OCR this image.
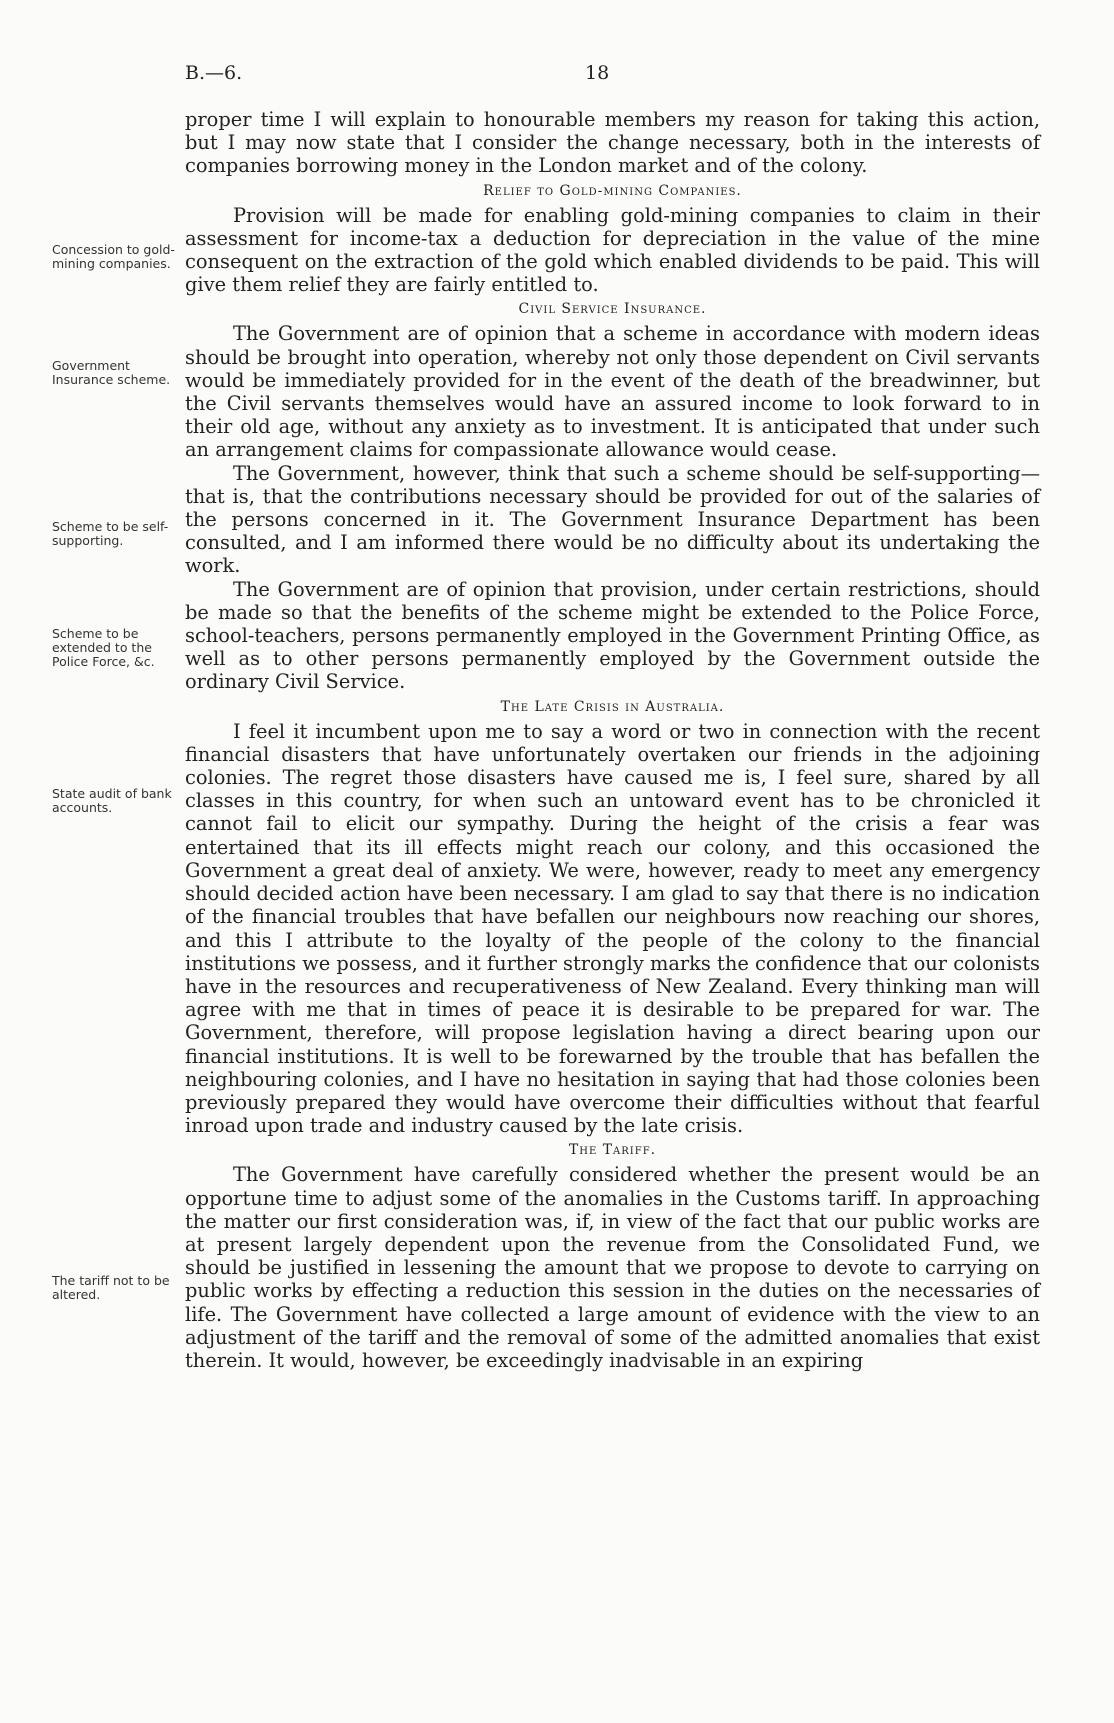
B.—6.	18
Concession to gold-mining companies.
Government Insurance scheme.
Scheme to be self-supporting.
Scheme to be extended to the Police Force, &c.
State audit of bank accounts.
The tariff not to be altered.

proper time I will explain to honourable members my reason for taking this action, but I may now state that I consider the change necessary, both in the interests of companies borrowing money in the London market and of the colony.

Relief to Gold-mining Companies.

Provision will be made for enabling gold-mining companies to claim in their assessment for income-tax a deduction for depreciation in the value of the mine consequent on the extraction of the gold which enabled dividends to be paid. This will give them relief they are fairly entitled to.

Civil Service Insurance.

The Government are of opinion that a scheme in accordance with modern ideas should be brought into operation, whereby not only those dependent on Civil servants would be immediately provided for in the event of the death of the breadwinner, but the Civil servants themselves would have an assured income to look forward to in their old age, without any anxiety as to investment. It is anticipated that under such an arrangement claims for compassionate allowance would cease.

The Government, however, think that such a scheme should be self-supporting—that is, that the contributions necessary should be provided for out of the salaries of the persons concerned in it. The Government Insurance Department has been consulted, and I am informed there would be no difficulty about its undertaking the work.

The Government are of opinion that provision, under certain restrictions, should be made so that the benefits of the scheme might be extended to the Police Force, school-teachers, persons permanently employed in the Government Printing Office, as well as to other persons permanently employed by the Government outside the ordinary Civil Service.

The Late Crisis in Australia.

I feel it incumbent upon me to say a word or two in connection with the recent financial disasters that have unfortunately overtaken our friends in the adjoining colonies. The regret those disasters have caused me is, I feel sure, shared by all classes in this country, for when such an untoward event has to be chronicled it cannot fail to elicit our sympathy. During the height of the crisis a fear was entertained that its ill effects might reach our colony, and this occasioned the Government a great deal of anxiety. We were, however, ready to meet any emergency should decided action have been necessary. I am glad to say that there is no indication of the financial troubles that have befallen our neighbours now reaching our shores, and this I attribute to the loyalty of the people of the colony to the financial institutions we possess, and it further strongly marks the confidence that our colonists have in the resources and recuperativeness of New Zealand. Every thinking man will agree with me that in times of peace it is desirable to be prepared for war. The Government, therefore, will propose legislation having a direct bearing upon our financial institutions. It is well to be forewarned by the trouble that has befallen the neighbouring colonies, and I have no hesitation in saying that had those colonies been previously prepared they would have overcome their difficulties without that fearful inroad upon trade and industry caused by the late crisis.

The Tariff.

The Government have carefully considered whether the present would be an opportune time to adjust some of the anomalies in the Customs tariff. In approaching the matter our first consideration was, if, in view of the fact that our public works are at present largely dependent upon the revenue from the Consolidated Fund, we should be justified in lessening the amount that we propose to devote to carrying on public works by effecting a reduction this session in the duties on the necessaries of life. The Government have collected a large amount of evidence with the view to an adjustment of the tariff and the removal of some of the admitted anomalies that exist therein. It would, however, be exceedingly inadvisable in an expiring
